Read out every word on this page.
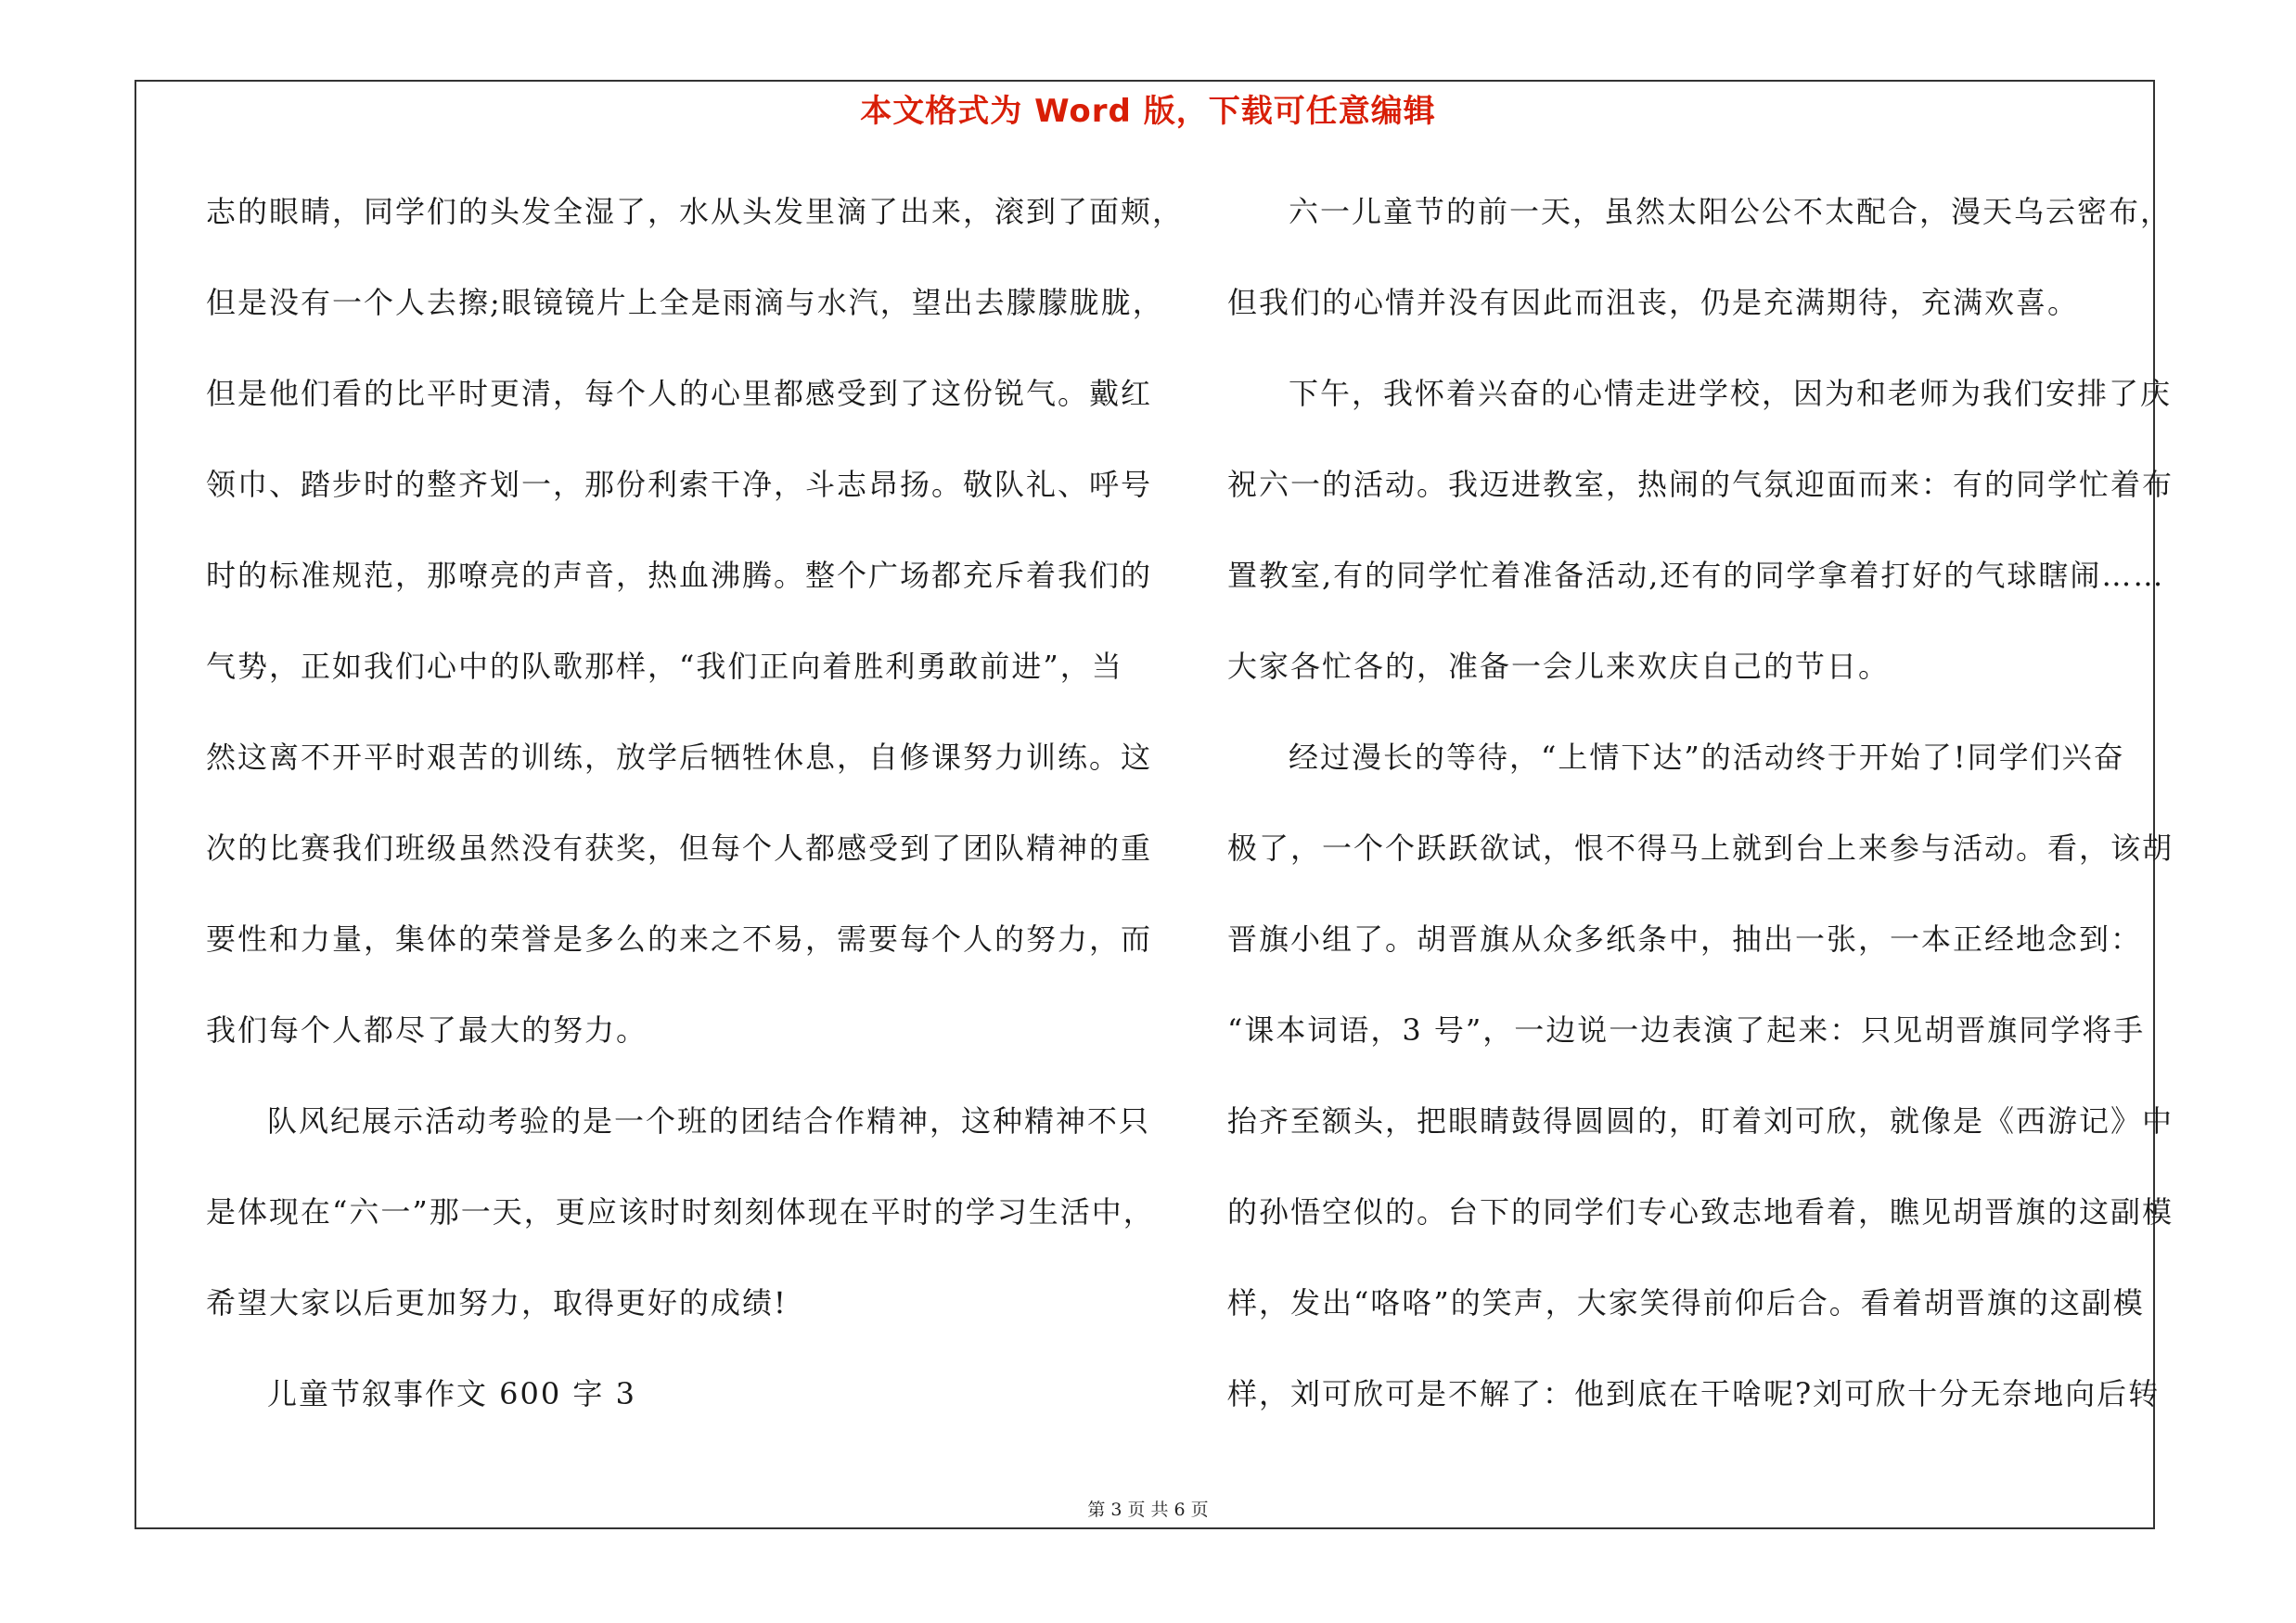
本文格式为 Word 版，下载可任意编辑
志的眼睛，同学们的头发全湿了，水从头发里滴了出来，滚到了面颊，
但是没有一个人去擦;眼镜镜片上全是雨滴与水汽，望出去朦朦胧胧，
但是他们看的比平时更清，每个人的心里都感受到了这份锐气。戴红
领巾、踏步时的整齐划一，那份利索干净，斗志昂扬。敬队礼、呼号
时的标准规范，那嘹亮的声音，热血沸腾。整个广场都充斥着我们的
气势，正如我们心中的队歌那样，“我们正向着胜利勇敢前进”，当
然这离不开平时艰苦的训练，放学后牺牲休息，自修课努力训练。这
次的比赛我们班级虽然没有获奖，但每个人都感受到了团队精神的重
要性和力量，集体的荣誉是多么的来之不易，需要每个人的努力，而
我们每个人都尽了最大的努力。
队风纪展示活动考验的是一个班的团结合作精神，这种精神不只
是体现在“六一”那一天，更应该时时刻刻体现在平时的学习生活中，
希望大家以后更加努力，取得更好的成绩!
儿童节叙事作文 600 字 3
六一儿童节的前一天，虽然太阳公公不太配合，漫天乌云密布，
但我们的心情并没有因此而沮丧，仍是充满期待，充满欢喜。
下午，我怀着兴奋的心情走进学校，因为和老师为我们安排了庆
祝六一的活动。我迈进教室，热闹的气氛迎面而来：有的同学忙着布
置教室,有的同学忙着准备活动,还有的同学拿着打好的气球瞎闹……
大家各忙各的，准备一会儿来欢庆自己的节日。
经过漫长的等待，“上情下达”的活动终于开始了!同学们兴奋
极了，一个个跃跃欲试，恨不得马上就到台上来参与活动。看，该胡
晋旗小组了。胡晋旗从众多纸条中，抽出一张，一本正经地念到：
“课本词语，3 号”，一边说一边表演了起来：只见胡晋旗同学将手
抬齐至额头，把眼睛鼓得圆圆的，盯着刘可欣，就像是《西游记》中
的孙悟空似的。台下的同学们专心致志地看着，瞧见胡晋旗的这副模
样，发出“咯咯”的笑声，大家笑得前仰后合。看着胡晋旗的这副模
样，刘可欣可是不解了：他到底在干啥呢?刘可欣十分无奈地向后转
第 3 页 共 6 页
